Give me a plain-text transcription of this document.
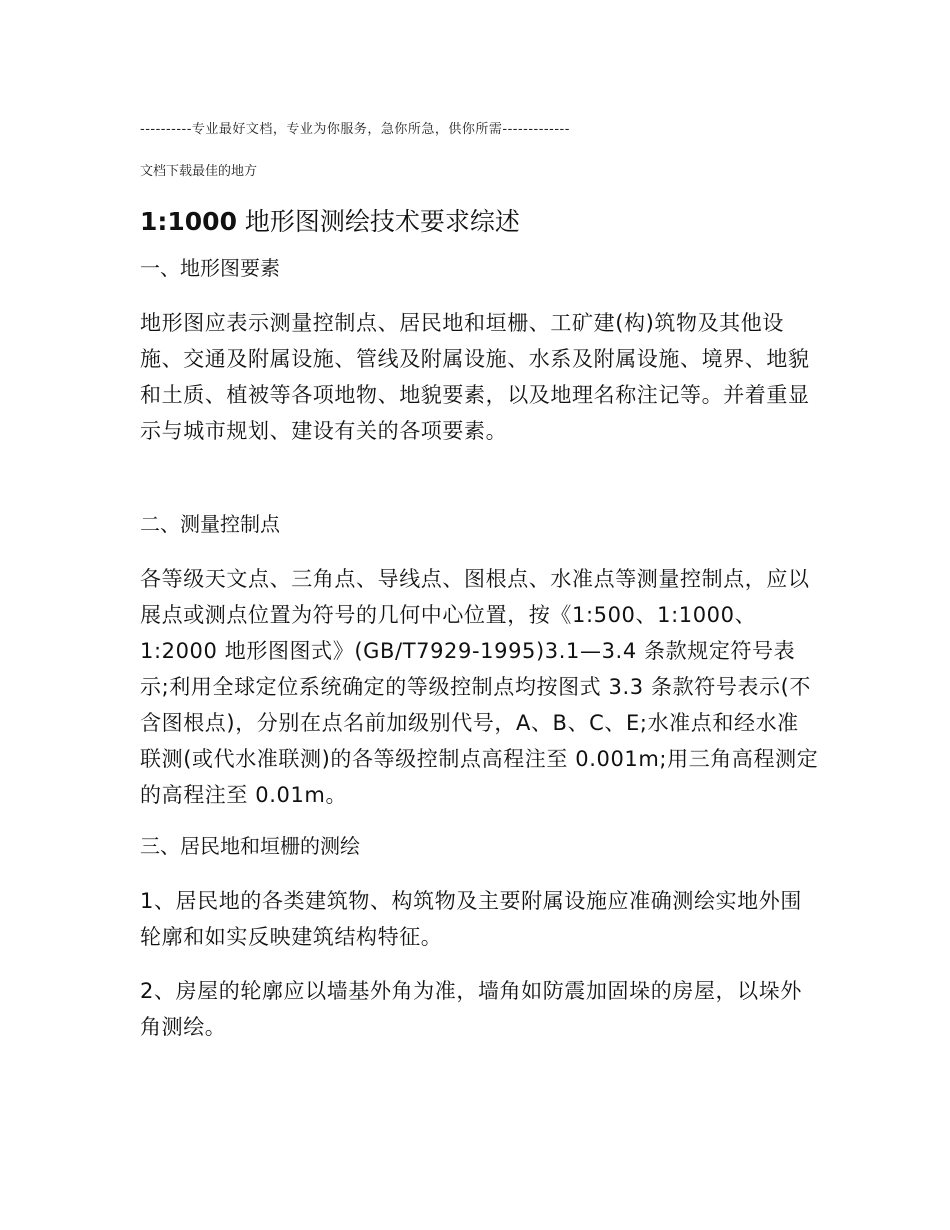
----------专业最好文档，专业为你服务，急你所急，供你所需-------------
文档下载最佳的地方
1:1000 地形图测绘技术要求综述
一、地形图要素

地形图应表示测量控制点、居民地和垣栅、工矿建(构)筑物及其他设施、交通及附属设施、管线及附属设施、水系及附属设施、境界、地貌和土质、植被等各项地物、地貌要素，以及地理名称注记等。并着重显示与城市规划、建设有关的各项要素。

二、测量控制点

各等级天文点、三角点、导线点、图根点、水准点等测量控制点，应以展点或测点位置为符号的几何中心位置，按《1:500、1:1000、1:2000 地形图图式》(GB/T7929-1995)3.1—3.4 条款规定符号表示;利用全球定位系统确定的等级控制点均按图式 3.3 条款符号表示(不含图根点)，分别在点名前加级别代号，A、B、C、E;水准点和经水准联测(或代水准联测)的各等级控制点高程注至 0.001m;用三角高程测定的高程注至 0.01m。

三、居民地和垣栅的测绘

1、居民地的各类建筑物、构筑物及主要附属设施应准确测绘实地外围轮廓和如实反映建筑结构特征。

2、房屋的轮廓应以墙基外角为准，墙角如防震加固垛的房屋，以垛外角测绘。
